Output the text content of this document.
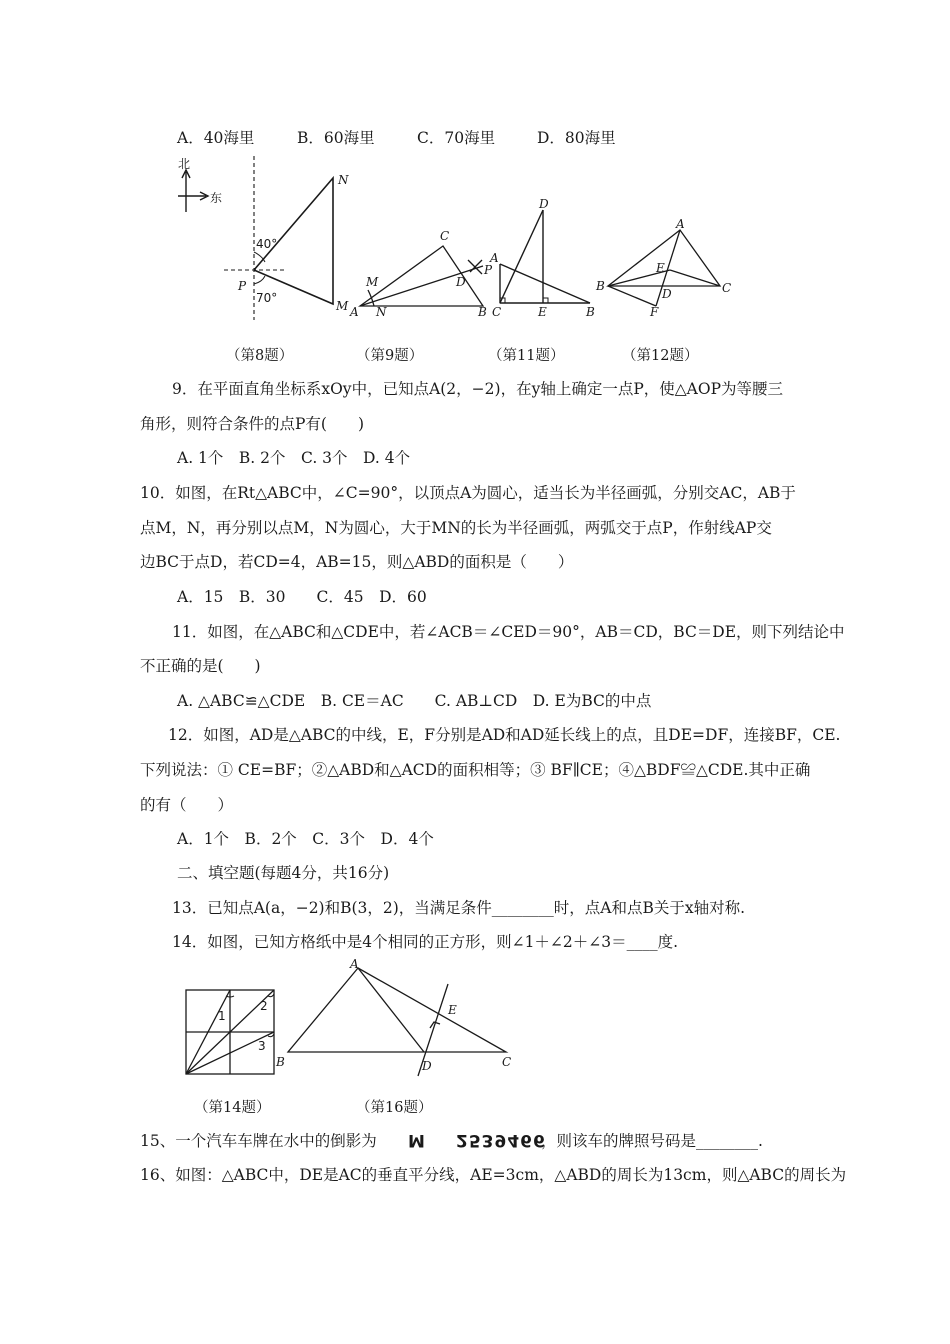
A．40海里	B．60海里	C．70海里	D．80海里
北
东
40°
70°
P
N
M A	B
C
D
M
N
P
D
A
C	E	B
A
B	C
D
E
F
（第8题）	（第9题）	（第11题）	（第12题）
9．在平面直角坐标系xOy中，已知点A(2，−2)，在y轴上确定一点P，使△AOP为等腰三
角形，则符合条件的点P有(　　)
A. 1个　B. 2个　C. 3个　D. 4个
10．如图，在Rt△ABC中，∠C=90°，以顶点A为圆心，适当长为半径画弧，分别交AC，AB于
点M，N，再分别以点M，N为圆心，大于MN的长为半径画弧，两弧交于点P，作射线AP交
边BC于点D，若CD=4，AB=15，则△ABD的面积是（　　）
A．15　B．30　　C．45　D．60
11．如图，在△ABC和△CDE中，若∠ACB＝∠CED＝90°，AB＝CD，BC＝DE，则下列结论中
不正确的是(　　)
A. △ABC≌△CDE　B. CE＝AC　　C. AB⊥CD　D. E为BC的中点
12．如图，AD是△ABC的中线，E，F分别是AD和AD延长线上的点，且DE=DF，连接BF，CE.
下列说法：① CE=BF；②△ABD和△ACD的面积相等；③ BF∥CE；④△BDF≌△CDE.其中正确
的有（　　）
A．1个　B．2个　C．3个　D．4个
二、填空题(每题4分，共16分)
13．已知点A(a，−2)和B(3，2)，当满足条件________时，点A和点B关于x轴对称.
14．如图，已知方格纸中是4个相同的正方形，则∠1＋∠2＋∠3＝____度.
1
2
3
A
B	C
D
E
（第14题）	（第16题）
15、一个汽车车牌在水中的倒影为 M 2539466
，则该车的牌照号码是________.
16、如图：△ABC中，DE是AC的垂直平分线，AE=3cm，△ABD的周长为13cm，则△ABC的周长为
